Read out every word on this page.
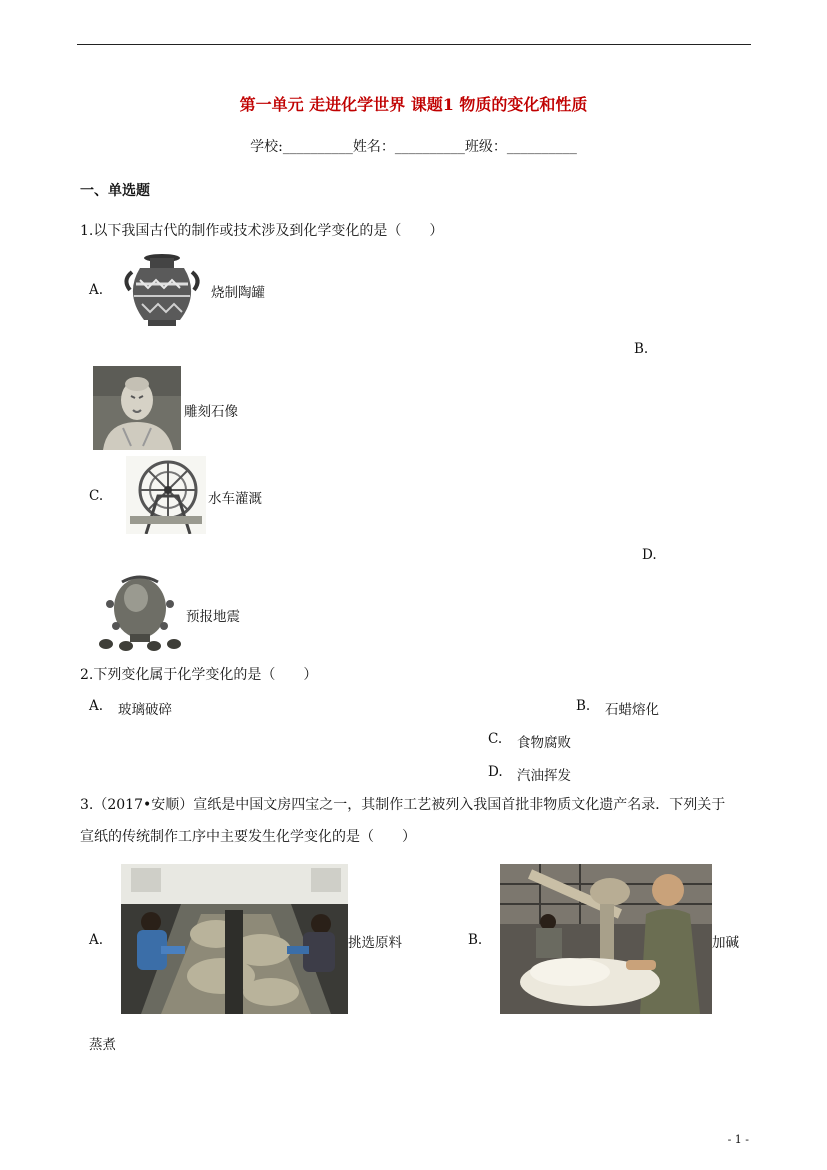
第一单元 走进化学世界 课题1 物质的变化和性质
学校:__________姓名：__________班级：__________
一、单选题
1.以下我国古代的制作或技术涉及到化学变化的是（　　）
A.	烧制陶罐
B.
雕刻石像
C.	水车灌溉
D.
预报地震
2.下列变化属于化学变化的是（　　）
A. 玻璃破碎	B. 石蜡熔化
C. 食物腐败
D. 汽油挥发
3.（2017•安顺）宣纸是中国文房四宝之一，其制作工艺被列入我国首批非物质文化遗产名录．下列关于
宣纸的传统制作工序中主要发生化学变化的是（　　）
A.	挑选原料	B.	加碱
蒸煮
- 1 -
